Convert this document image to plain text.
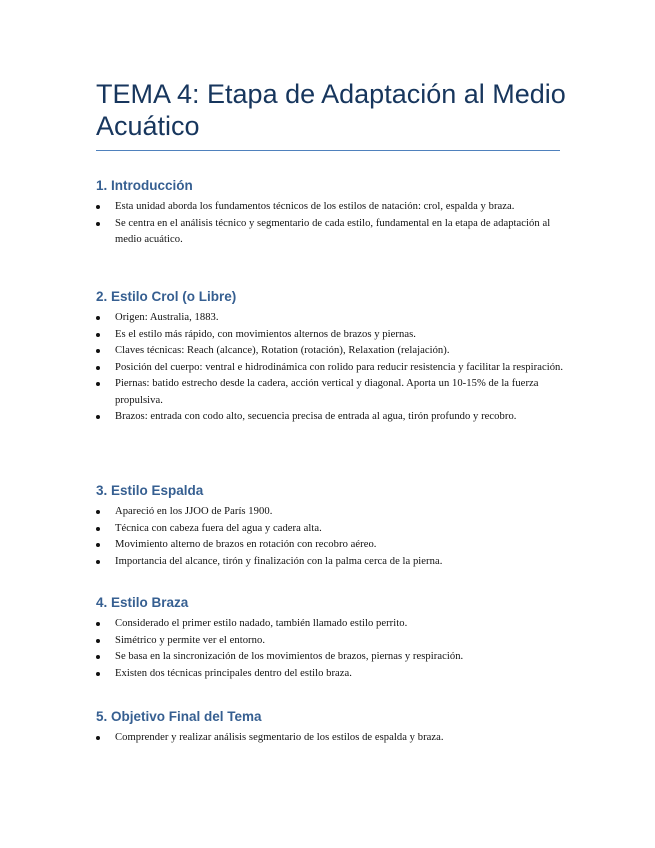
TEMA 4: Etapa de Adaptación al Medio Acuático
1. Introducción
Esta unidad aborda los fundamentos técnicos de los estilos de natación: crol, espalda y braza.
Se centra en el análisis técnico y segmentario de cada estilo, fundamental en la etapa de adaptación al medio acuático.
2. Estilo Crol (o Libre)
Origen: Australia, 1883.
Es el estilo más rápido, con movimientos alternos de brazos y piernas.
Claves técnicas: Reach (alcance), Rotation (rotación), Relaxation (relajación).
Posición del cuerpo: ventral e hidrodinámica con rolido para reducir resistencia y facilitar la respiración.
Piernas: batido estrecho desde la cadera, acción vertical y diagonal. Aporta un 10-15% de la fuerza propulsiva.
Brazos: entrada con codo alto, secuencia precisa de entrada al agua, tirón profundo y recobro.
3. Estilo Espalda
Apareció en los JJOO de París 1900.
Técnica con cabeza fuera del agua y cadera alta.
Movimiento alterno de brazos en rotación con recobro aéreo.
Importancia del alcance, tirón y finalización con la palma cerca de la pierna.
4. Estilo Braza
Considerado el primer estilo nadado, también llamado estilo perrito.
Simétrico y permite ver el entorno.
Se basa en la sincronización de los movimientos de brazos, piernas y respiración.
Existen dos técnicas principales dentro del estilo braza.
5. Objetivo Final del Tema
Comprender y realizar análisis segmentario de los estilos de espalda y braza.
